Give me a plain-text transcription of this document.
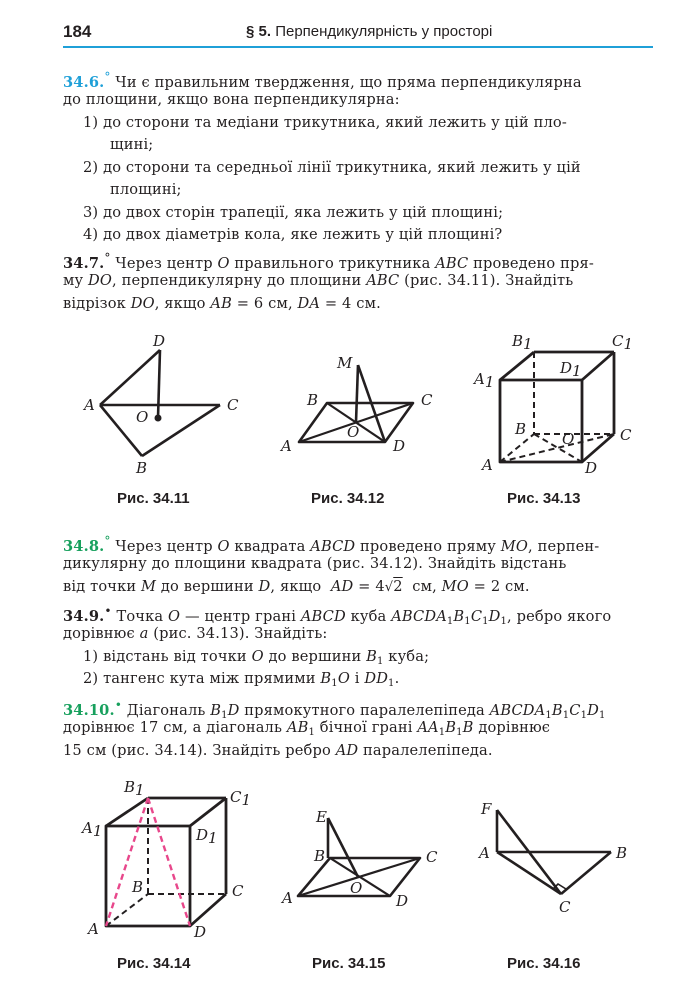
184	§ 5. Перпендикулярність у просторі
34.6.° Чи є правильним твердження, що пряма перпендикулярна
до площини, якщо вона перпендикулярна:
1) до сторони та медіани трикутника, який лежить у цій пло-
щині;
2) до сторони та середньої лінії трикутника, який лежить у цій
площині;
3) до двох сторін трапеції, яка лежить у цій площині;
4) до двох діаметрів кола, яке лежить у цій площині?
34.7.° Через центр O правильного трикутника ABC проведено пря-
му DO, перпендикулярну до площини ABC (рис. 34.11). Знайдіть
відрізок DO, якщо AB = 6 см, DA = 4 см.
D
A
O
C
B
Рис. 34.11
M
B	C
O
A	D
Рис. 34.12
B1	C1
D1
A1
B	C
O
A	D
Рис. 34.13
34.8.° Через центр O квадрата ABCD проведено пряму MO, перпен-
дикулярну до площини квадрата (рис. 34.12). Знайдіть відстань
від точки M до вершини D, якщо  AD = 4√2  см, MO = 2 см.
34.9.• Точка O — центр грані ABCD куба $ABCDA_1B_1C_1D_1$, ребро якого
дорівнює a (рис. 34.13). Знайдіть:
1) відстань від точки O до вершини $B_1$ куба;
2) тангенс кута між прямими $B_1O$ і $DD_1$.
34.10.• Діагональ $B_1D$ прямокутного паралелепіпеда $ABCDA_1B_1C_1D_1$
дорівнює 17 см, а діагональ $AB_1$ бічної грані $AA_1B_1B$ дорівнює
15 см (рис. 34.14). Знайдіть ребро AD паралелепіпеда.
B1	C1
A1	D1
B	C
A	D
Рис. 34.14
E
B	C
O
A	D
Рис. 34.15
F
A	B
C
Рис. 34.16
